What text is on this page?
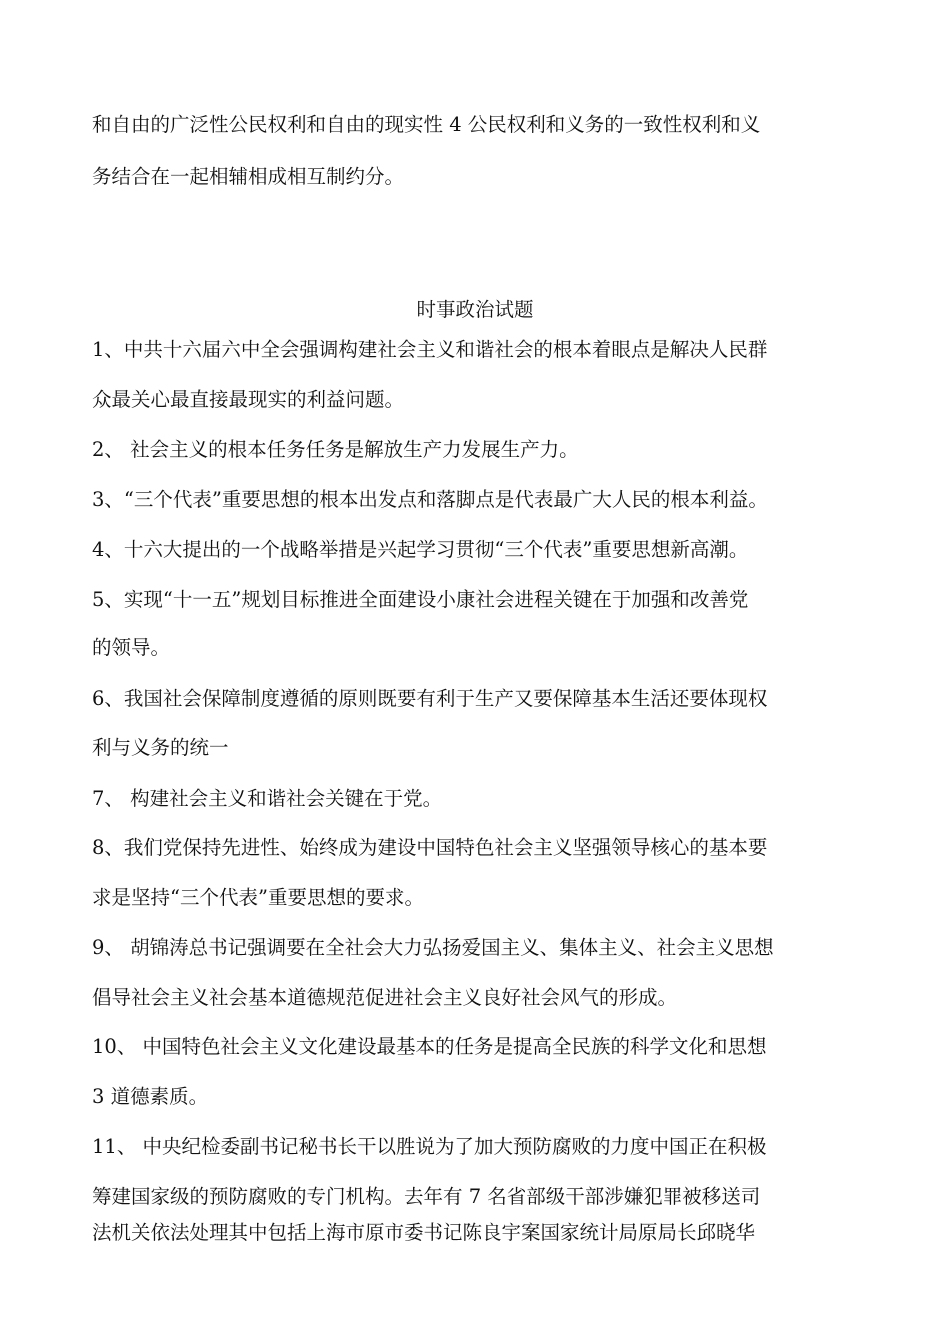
和自由的广泛性公民权利和自由的现实性 4 公民权利和义务的一致性权利和义

务结合在一起相辅相成相互制约分。

时事政治试题

1、中共十六届六中全会强调构建社会主义和谐社会的根本着眼点是解决人民群

众最关心最直接最现实的利益问题。

2、 社会主义的根本任务任务是解放生产力发展生产力。

3、“三个代表”重要思想的根本出发点和落脚点是代表最广大人民的根本利益。

4、十六大提出的一个战略举措是兴起学习贯彻“三个代表”重要思想新高潮。

5、实现“十一五”规划目标推进全面建设小康社会进程关键在于加强和改善党

的领导。

6、我国社会保障制度遵循的原则既要有利于生产又要保障基本生活还要体现权

利与义务的统一

7、 构建社会主义和谐社会关键在于党。

8、我们党保持先进性、始终成为建设中国特色社会主义坚强领导核心的基本要

求是坚持“三个代表”重要思想的要求。

9、 胡锦涛总书记强调要在全社会大力弘扬爱国主义、集体主义、社会主义思想

倡导社会主义社会基本道德规范促进社会主义良好社会风气的形成。

10、 中国特色社会主义文化建设最基本的任务是提高全民族的科学文化和思想

3 道德素质。

11、 中央纪检委副书记秘书长干以胜说为了加大预防腐败的力度中国正在积极

筹建国家级的预防腐败的专门机构。去年有 7 名省部级干部涉嫌犯罪被移送司

法机关依法处理其中包括上海市原市委书记陈良宇案国家统计局原局长邱晓华
